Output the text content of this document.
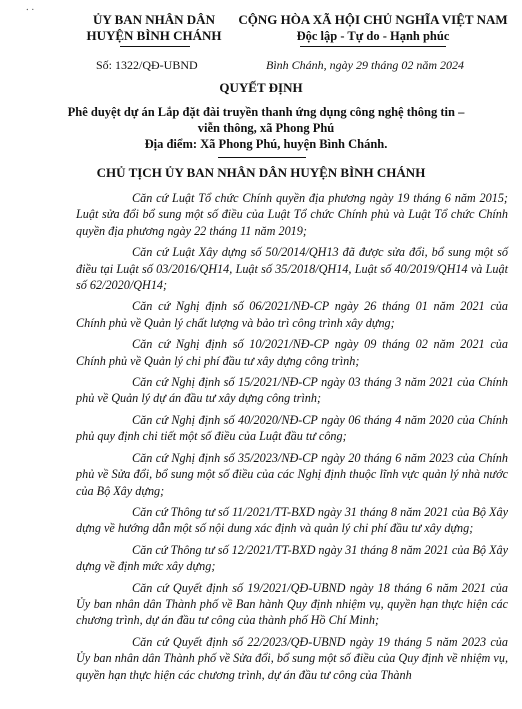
⸱ ·
ỦY BAN NHÂN DÂN
HUYỆN BÌNH CHÁNH
CỘNG HÒA XÃ HỘI CHỦ NGHĨA VIỆT NAM
Độc lập - Tự do - Hạnh phúc
Số: 1322/QĐ-UBND	Bình Chánh, ngày 29 tháng 02 năm 2024
QUYẾT ĐỊNH
Phê duyệt dự án Lắp đặt đài truyền thanh ứng dụng công nghệ thông tin –
viễn thông, xã Phong Phú
Địa điểm: Xã Phong Phú, huyện Bình Chánh.
CHỦ TỊCH ỦY BAN NHÂN DÂN HUYỆN BÌNH CHÁNH

Căn cứ Luật Tổ chức Chính quyền địa phương ngày 19 tháng 6 năm 2015; Luật sửa đổi bổ sung một số điều của Luật Tổ chức Chính phủ và Luật Tổ chức Chính quyền địa phương ngày 22 tháng 11 năm 2019;

Căn cứ Luật Xây dựng số 50/2014/QH13 đã được sửa đổi, bổ sung một số điều tại Luật số 03/2016/QH14, Luật số 35/2018/QH14, Luật số 40/2019/QH14 và Luật số 62/2020/QH14;

Căn cứ Nghị định số 06/2021/NĐ-CP ngày 26 tháng 01 năm 2021 của Chính phủ về Quản lý chất lượng và bảo trì công trình xây dựng;

Căn cứ Nghị định số 10/2021/NĐ-CP ngày 09 tháng 02 năm 2021 của Chính phủ về Quản lý chi phí đầu tư xây dựng công trình;

Căn cứ Nghị định số 15/2021/NĐ-CP ngày 03 tháng 3 năm 2021 của Chính phủ về Quản lý dự án đầu tư xây dựng công trình;

Căn cứ Nghị định số 40/2020/NĐ-CP ngày 06 tháng 4 năm 2020 của Chính phủ quy định chi tiết một số điều của Luật đầu tư công;

Căn cứ Nghị định số 35/2023/NĐ-CP ngày 20 tháng 6 năm 2023 của Chính phủ về Sửa đổi, bổ sung một số điều của các Nghị định thuộc lĩnh vực quản lý nhà nước của Bộ Xây dựng;

Căn cứ Thông tư số 11/2021/TT-BXD ngày 31 tháng 8 năm 2021 của Bộ Xây dựng về hướng dẫn một số nội dung xác định và quản lý chi phí đầu tư xây dựng;

Căn cứ Thông tư số 12/2021/TT-BXD ngày 31 tháng 8 năm 2021 của Bộ Xây dựng về định mức xây dựng;

Căn cứ Quyết định số 19/2021/QĐ-UBND ngày 18 tháng 6 năm 2021 của Ủy ban nhân dân Thành phố về Ban hành Quy định nhiệm vụ, quyền hạn thực hiện các chương trình, dự án đầu tư công của thành phố Hồ Chí Minh;

Căn cứ Quyết định số 22/2023/QĐ-UBND ngày 19 tháng 5 năm 2023 của Ủy ban nhân dân Thành phố về Sửa đổi, bổ sung một số điều của Quy định về nhiệm vụ, quyền hạn thực hiện các chương trình, dự án đầu tư công của Thành
